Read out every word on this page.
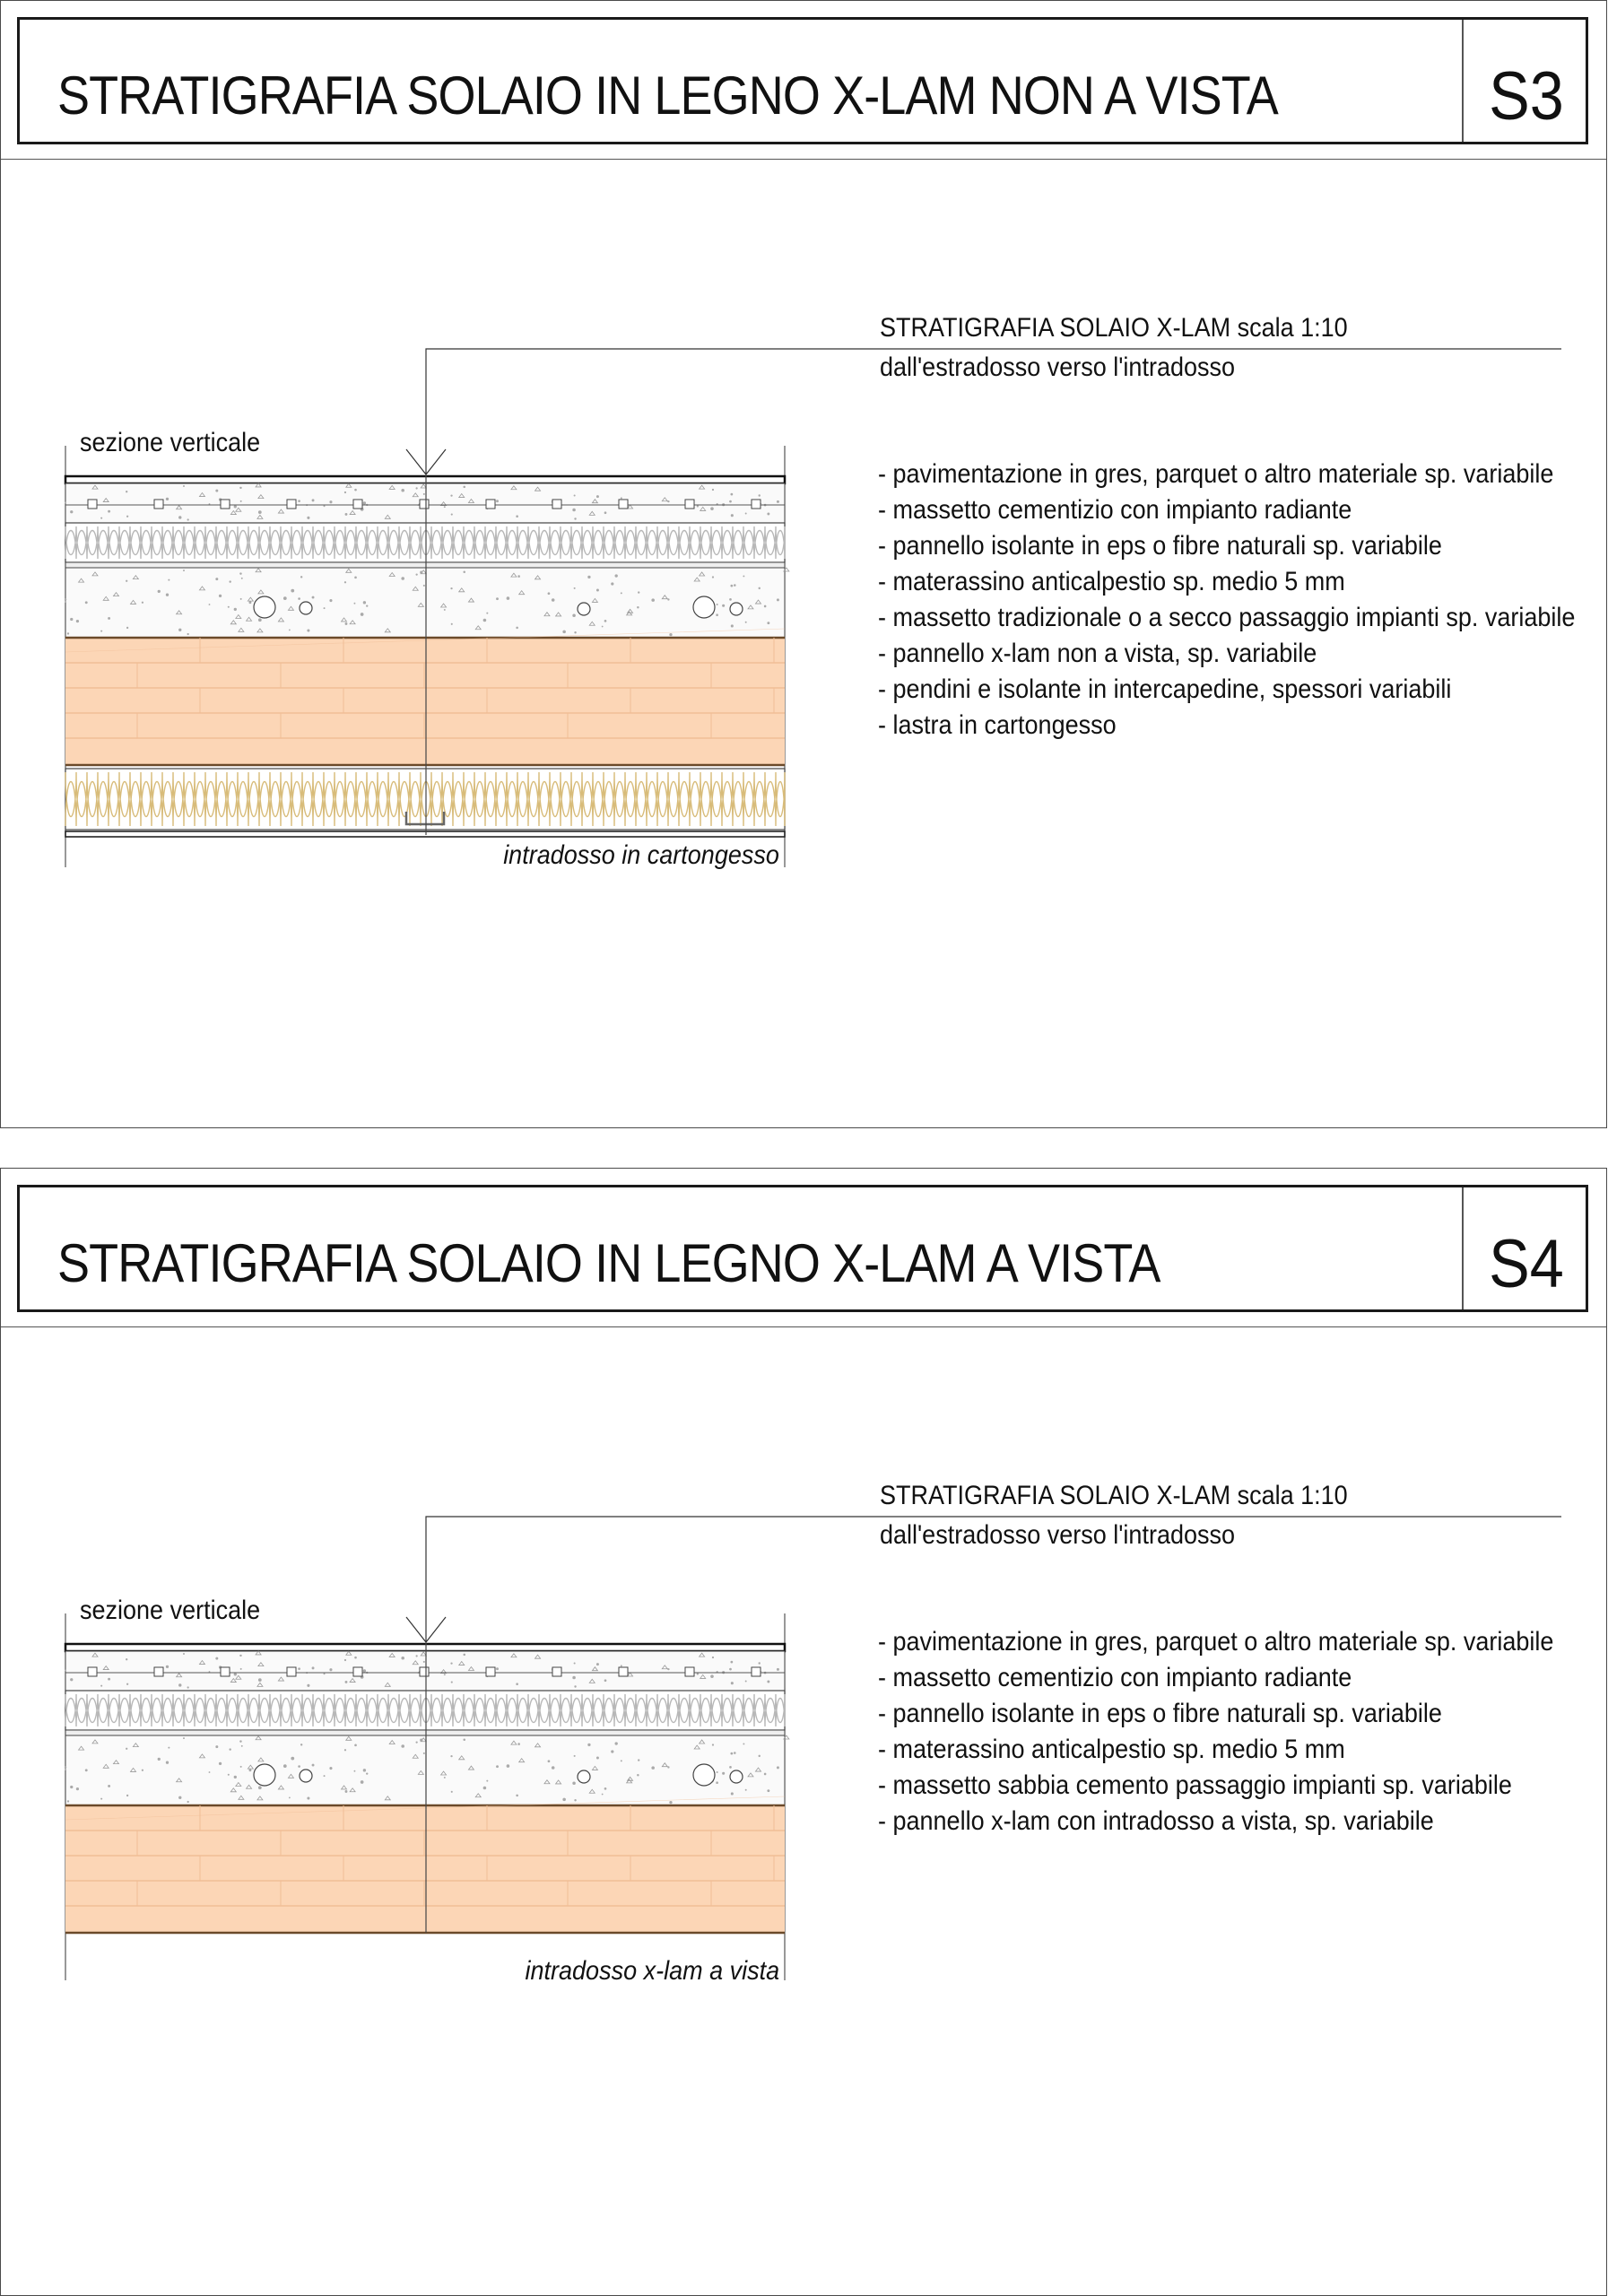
STRATIGRAFIA SOLAIO IN LEGNO X-LAM NON A VISTA	S3
STRATIGRAFIA SOLAIO X-LAM scala 1:10
dall'estradosso verso l'intradosso
sezione verticale
- pavimentazione in gres, parquet o altro materiale sp. variabile
- massetto cementizio con impianto radiante
- pannello isolante in eps o fibre naturali sp. variabile
- materassino anticalpestio sp. medio 5 mm
- massetto tradizionale o a secco passaggio impianti sp. variabile
- pannello x-lam non a vista, sp. variabile
- pendini e isolante in intercapedine, spessori variabili
- lastra in cartongesso
intradosso in cartongesso
STRATIGRAFIA SOLAIO IN LEGNO X-LAM A VISTA	S4
STRATIGRAFIA SOLAIO X-LAM scala 1:10
dall'estradosso verso l'intradosso
sezione verticale
- pavimentazione in gres, parquet o altro materiale sp. variabile
- massetto cementizio con impianto radiante
- pannello isolante in eps o fibre naturali sp. variabile
- materassino anticalpestio sp. medio 5 mm
- massetto sabbia cemento passaggio impianti sp. variabile
- pannello x-lam con intradosso a vista, sp. variabile
intradosso x-lam a vista
